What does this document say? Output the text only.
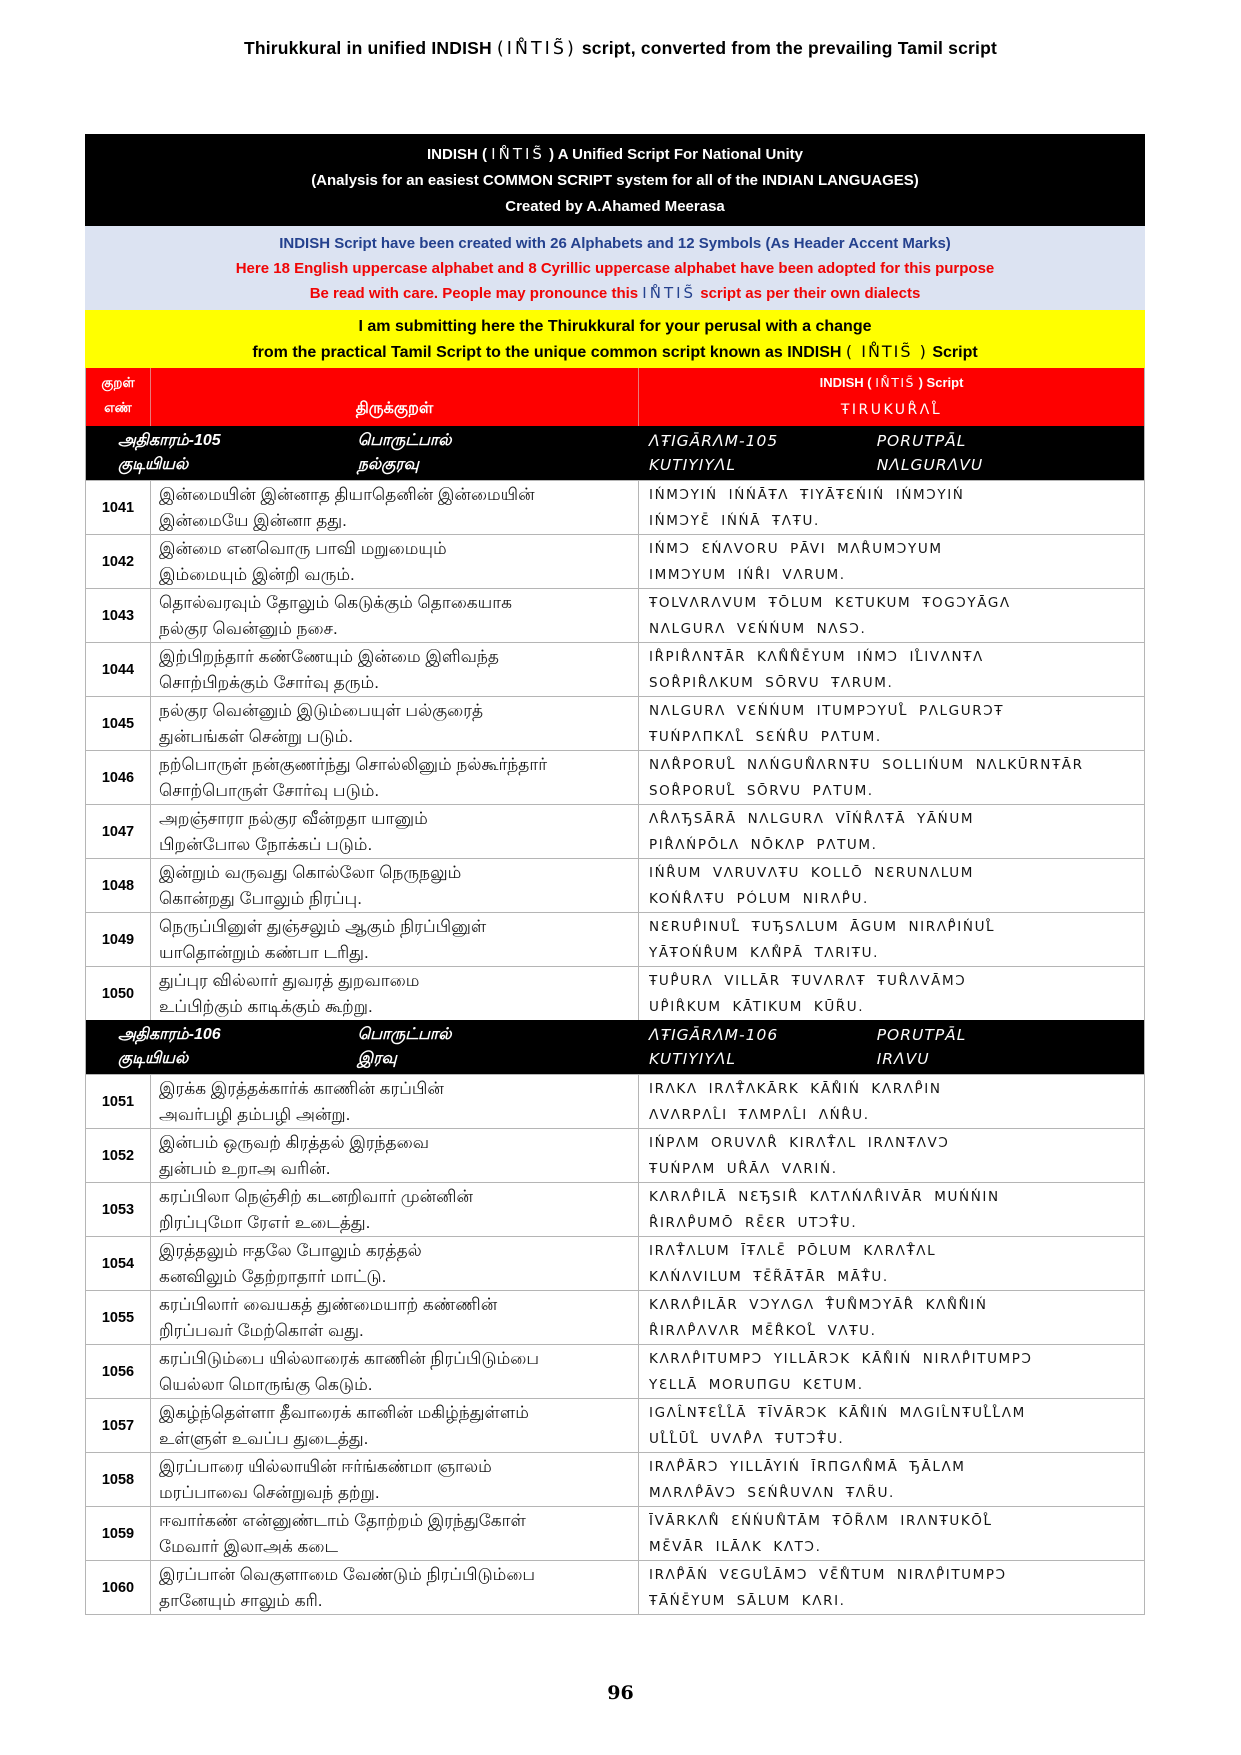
Thirukkural in unified INDISH (IN̊TIS̃) script, converted from the prevailing Tamil script
INDISH ( IN̊TIS̃ ) A Unified Script For National Unity
(Analysis for an easiest COMMON SCRIPT system for all of the INDIAN LANGUAGES)
Created by A.Ahamed Meerasa
INDISH Script have been created with 26 Alphabets and 12 Symbols (As Header Accent Marks)
Here 18 English uppercase alphabet and 8 Cyrillic uppercase alphabet have been adopted for this purpose
Be read with care. People may pronounce this IN̊TIS̃ script as per their own dialects
I am submitting here the Thirukkural for your perusal with a change
from the practical Tamil Script to the unique common script known as INDISH ( IN̊TIS̃ ) Script
குறள்
எண்	திருக்குறள்
INDISH ( IN̊TIS̃ ) Script
ŦIRUKUR̊ΛL̊
அதிகாரம்-105	பொருட்பால்
குடியியல்	நல்குரவு
ΛŦIGĀRΛM-105	PORUTPĀL
KUTIYIYΛL	NΛLGURΛVU
1041
இன்மையின் இன்னாத தியாதெனின் இன்மையின்
இன்மையே இன்னா தது.
IŃMƆYIŃ IŃŃĀŦΛ ŦIYĀŦƐŃIŃ IŃMƆYIŃ
IŃMƆYƐ̄ IŃŃĀ ŦΛŦU.
1042
இன்மை எனவொரு பாவி மறுமையும்
இம்மையும் இன்றி வரும்.
IŃMƆ ƐŃΛVORU PĀVI MΛR̊UMƆYUM
IMMƆYUM IŃR̊I VΛRUM.
1043
தொல்வரவும் தோலும் கெடுக்கும் தொகையாக
நல்குர வென்னும் நசை.
ŦOLVΛRΛVUM ŦŌLUM KƐTUKUM ŦOGƆYĀGΛ
NΛLGURΛ VƐŃŃUM NΛSƆ.
1044
இற்பிறந்தார் கண்ணேயும் இன்மை இளிவந்த
சொற்பிறக்கும் சோர்வு தரும்.
IR̊PIR̊ΛNŦĀR KΛN̊N̊Ɛ̄YUM IŃMƆ IL̊IVΛNŦΛ
SOR̊PIR̊ΛKUM SŌRVU ŦΛRUM.
1045
நல்குர வென்னும் இடும்பையுள் பல்குரைத்
துன்பங்கள் சென்று படும்.
NΛLGURΛ VƐŃŃUM ITUMPƆYUL̊ PΛLGURƆŦ
ŦUŃPΛПKΛL̊ SƐŃR̊U PΛTUM.
1046
நற்பொருள் நன்குணர்ந்து சொல்லினும் நல்கூர்ந்தார்
சொற்பொருள் சோர்வு படும்.
NΛR̊PORUL̊ NΛŃGUN̊ΛRNŦU SOLLIŃUM NΛLKŪRNŦĀR
SOR̊PORUL̊ SŌRVU PΛTUM.
1047
அறஞ்சாரா நல்குர வீன்றதா யானும்
பிறன்போல நோக்கப் படும்.
ΛR̊ΛЂSĀRĀ NΛLGURΛ VĪŃR̊ΛŦĀ YĀŃUM
PIR̊ΛŃPŌLΛ NŌKΛP PΛTUM.
1048
இன்றும் வருவது கொல்லோ நெருநலும்
கொன்றது போலும் நிரப்பு.
IŃR̊UM VΛRUVΛŦU KOLLŌ NƐRUNΛLUM
KOŃR̊ΛŦU PÓLUM NIRΛP̊U.
1049
நெருப்பினுள் துஞ்சலும் ஆகும் நிரப்பினுள்
யாதொன்றும் கண்பா டரிது.
NƐRUP̊INUL̊ ŦUЂSΛLUM ĀGUM NIRΛP̊IŃUL̊
YĀŦOŃR̊UM KΛN̊PĀ TΛRIŦU.
1050
துப்புர வில்லார் துவரத் துறவாமை
உப்பிற்கும் காடிக்கும் கூற்று.
ŦUP̊URΛ VILLĀR ŦUVΛRΛŦ ŦUR̊ΛVĀMƆ
UP̊IR̊KUM KĀTIKUM KŪR̃U.
அதிகாரம்-106	பொருட்பால்
குடியியல்	இரவு
ΛŦIGĀRΛM-106	PORUTPĀL
KUTIYIYΛL	IRΛVU
1051
இரக்க இரத்தக்கார்க் காணின் கரப்பின்
அவர்பழி தம்பழி அன்று.
IRΛKΛ IRΛŦ̊ΛKĀRK KĀN̊IŃ KΛRΛP̊IN
ΛVΛRPΛL̂I ŦΛMPΛL̂I ΛŃR̊U.
1052
இன்பம் ஒருவற் கிரத்தல் இரந்தவை
துன்பம் உறாஅ வரின்.
IŃPΛM ORUVΛR̊ KIRΛŦ̊ΛL IRΛNŦΛVƆ
ŦUŃPΛM UR̊ĀΛ VΛRIŃ.
1053
கரப்பிலா நெஞ்சிற் கடனறிவார் முன்னின்
றிரப்புமோ ரேஎர் உடைத்து.
KΛRΛP̊ILĀ NƐЂSIR̊ KΛTΛŃΛR̊IVĀR MUŃŃIN
R̊IRΛP̊UMŌ RƐ̄ƐR UTƆŦ̊U.
1054
இரத்தலும் ஈதலே போலும் கரத்தல்
கனவிலும் தேற்றாதார் மாட்டு.
IRΛŦ̊ΛLUM ĪŦΛLƐ̄ PŌLUM KΛRΛŦ̊ΛL
KΛŃΛVILUM ŦƐ̄R̃ĀŦĀR MĀŦ̊U.
1055
கரப்பிலார் வையகத் துண்மையாற் கண்ணின்
றிரப்பவர் மேற்கொள் வது.
KΛRΛP̊ILĀR VƆYΛGΛ Ŧ̊UN̊MƆYĀR̊ KΛN̊N̊IŃ
R̊IRΛP̊ΛVΛR MƐ̄R̊KOL̊ VΛŦU.
1056
கரப்பிடும்பை யில்லாரைக் காணின் நிரப்பிடும்பை
யெல்லா மொருங்கு கெடும்.
KΛRΛP̊ITUMPƆ YILLĀRƆK KĀN̊IŃ NIRΛP̊ITUMPƆ
YƐLLĀ MORUПGU KƐTUM.
1057
இகழ்ந்தெள்ளா தீவாரைக் கானின் மகிழ்ந்துள்ளம்
உள்ளுள் உவப்ப துடைத்து.
IGΛL̂NŦƐL̊L̊Ā ŦĪVĀRƆK KĀN̊IŃ MΛGIL̂NŦUL̊L̊ΛM
UL̊L̊ŪL̊ UVΛP̊Λ ŦUTƆŦ̊U.
1058
இரப்பாரை யில்லாயின் ஈர்ங்கண்மா ஞாலம்
மரப்பாவை சென்றுவந் தற்று.
IRΛP̊ĀRƆ YILLĀYIŃ ĪRПGΛN̊MĀ ЂĀLΛM
MΛRΛP̊ĀVƆ SƐŃR̊UVΛN ŦΛR̃U.
1059
ஈவார்கண் என்னுண்டாம் தோற்றம் இரந்துகோள்
மேவார் இலாஅக் கடை
ĪVĀRKΛN̊ ƐŃŃUN̊TĀM ŦŌR̃ΛM IRΛNŦUKŌL̊
MƐ̄VĀR ILĀΛK KΛTƆ.
1060
இரப்பான் வெகுளாமை வேண்டும் நிரப்பிடும்பை
தானேயும் சாலும் கரி.
IRΛP̊ĀŃ VƐGUL̊ĀMƆ VƐ̄N̊TUM NIRΛP̊ITUMPƆ
ŦĀŃƐ̄YUM SĀLUM KΛRI.
96
